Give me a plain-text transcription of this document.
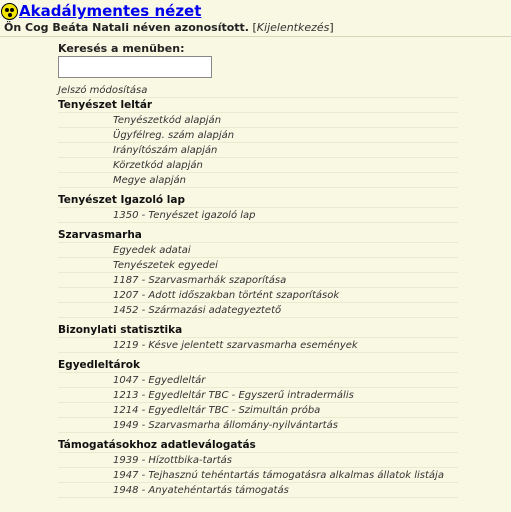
Akadálymentes nézet
Ön Cog Beáta Natali néven azonosított. [Kijelentkezés]
Keresés a menüben:
Jelszó módosítása
Tenyészet leltár
Tenyészetkód alapján
Ügyfélreg. szám alapján
Irányítószám alapján
Körzetkód alapján
Megye alapján
Tenyészet Igazoló lap
1350 - Tenyészet igazoló lap
Szarvasmarha
Egyedek adatai
Tenyészetek egyedei
1187 - Szarvasmarhák szaporítása
1207 - Adott időszakban történt szaporítások
1452 - Származási adategyeztető
Bizonylati statisztika
1219 - Késve jelentett szarvasmarha események
Egyedleltárok
1047 - Egyedleltár
1213 - Egyedleltár TBC - Egyszerű intradermális
1214 - Egyedleltár TBC - Szimultán próba
1949 - Szarvasmarha állomány-nyilvántartás
Támogatásokhoz adatleválogatás
1939 - Hízottbika-tartás
1947 - Tejhasznú tehéntartás támogatásra alkalmas állatok listája
1948 - Anyatehéntartás támogatás
